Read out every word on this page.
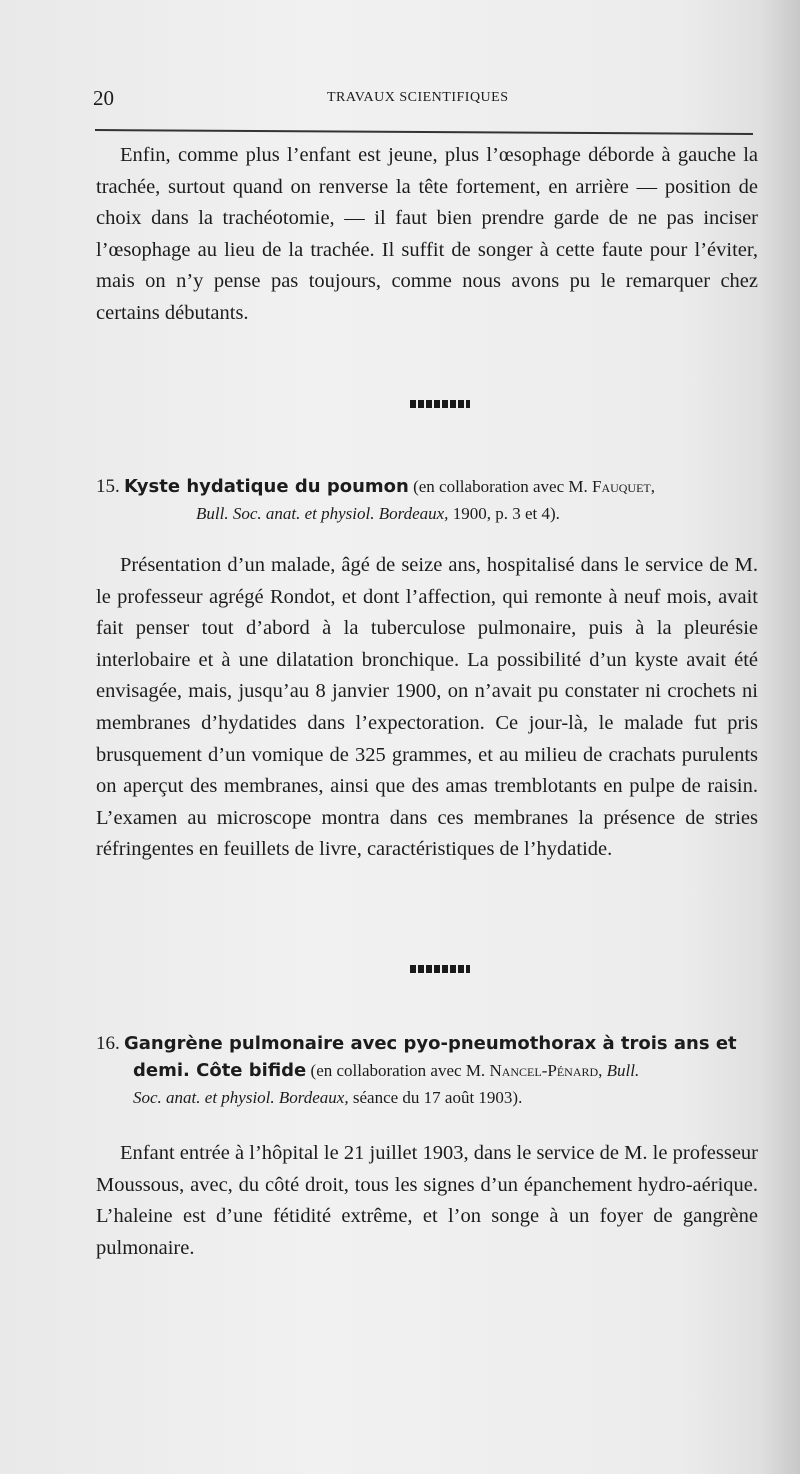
20	TRAVAUX SCIENTIFIQUES

Enfin, comme plus l’enfant est jeune, plus l’œsophage déborde à gauche la trachée, surtout quand on renverse la tête fortement, en arrière — position de choix dans la trachéotomie, — il faut bien prendre garde de ne pas inciser l’œsophage au lieu de la trachée. Il suffit de songer à cette faute pour l’éviter, mais on n’y pense pas toujours, comme nous avons pu le remarquer chez certains débutants.

15. Kyste hydatique du poumon (en collaboration avec M. Fauquet,
Bull. Soc. anat. et physiol. Bordeaux, 1900, p. 3 et 4).

Présentation d’un malade, âgé de seize ans, hospitalisé dans le service de M. le professeur agrégé Rondot, et dont l’affection, qui remonte à neuf mois, avait fait penser tout d’abord à la tuberculose pulmonaire, puis à la pleurésie interlobaire et à une dilatation bronchique. La possibilité d’un kyste avait été envisagée, mais, jusqu’au 8 janvier 1900, on n’avait pu constater ni crochets ni membranes d’hydatides dans l’expectoration. Ce jour-là, le malade fut pris brusquement d’un vomique de 325 grammes, et au milieu de crachats purulents on aperçut des membranes, ainsi que des amas tremblotants en pulpe de raisin. L’examen au microscope montra dans ces membranes la présence de stries réfringentes en feuillets de livre, caractéristiques de l’hydatide.

16. Gangrène pulmonaire avec pyo-pneumothorax à trois ans et
demi. Côte bifide (en collaboration avec M. Nancel-Pénard, Bull.
Soc. anat. et physiol. Bordeaux, séance du 17 août 1903).

Enfant entrée à l’hôpital le 21 juillet 1903, dans le service de M. le professeur Moussous, avec, du côté droit, tous les signes d’un épanchement hydro-aérique. L’haleine est d’une fétidité extrême, et l’on songe à un foyer de gangrène pulmonaire.
